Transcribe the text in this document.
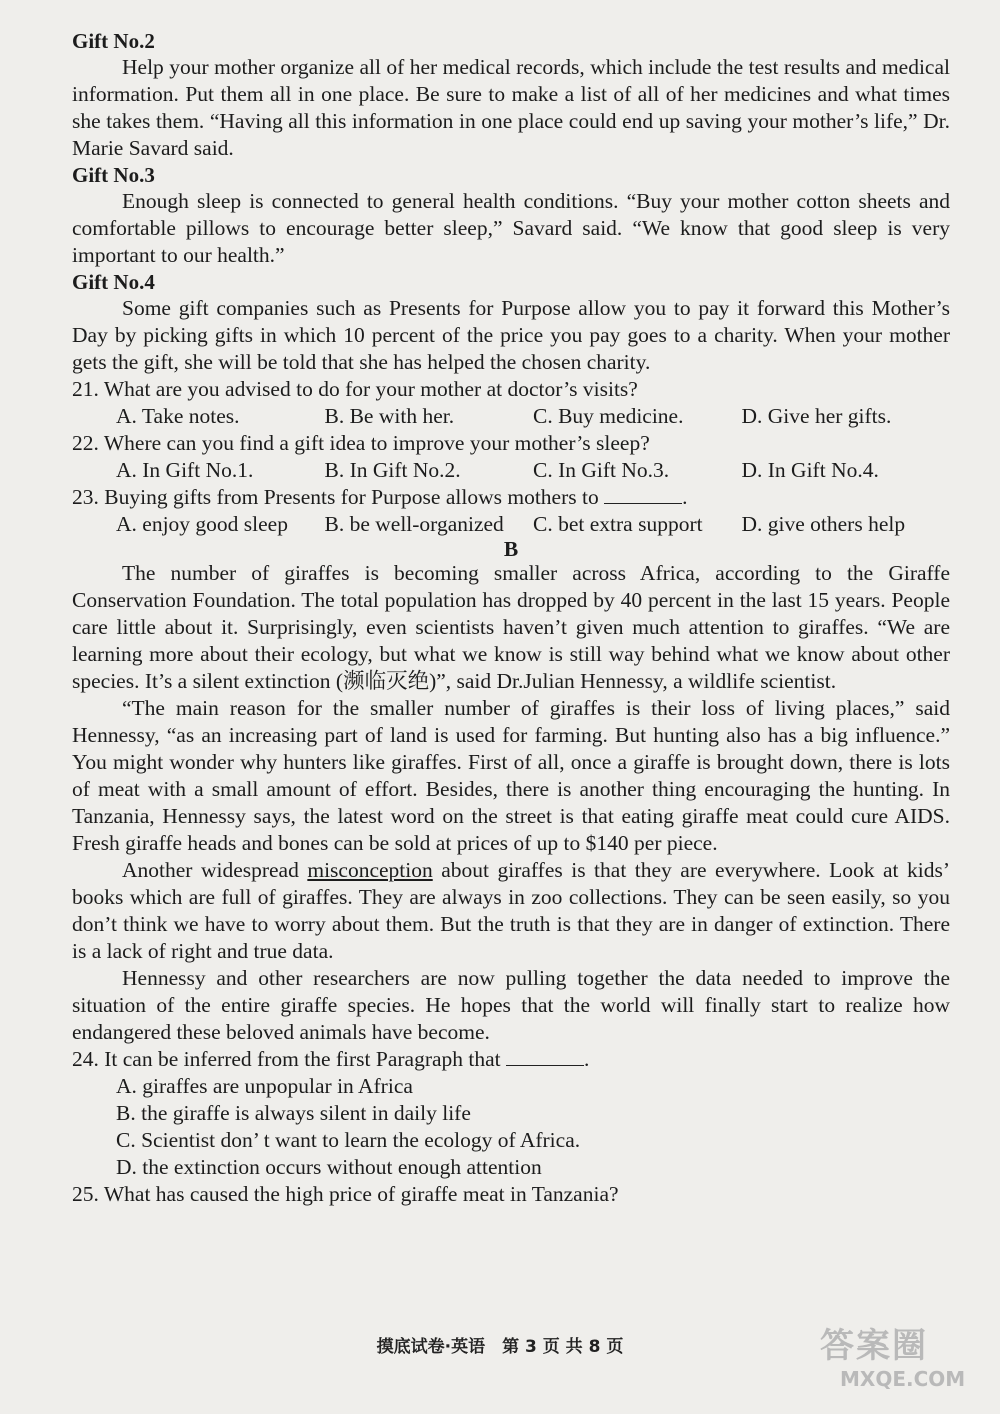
Gift No.2

Help your mother organize all of her medical records, which include the test results and medical information. Put them all in one place. Be sure to make a list of all of her medicines and what times she takes them. “Having all this information in one place could end up saving your mother’s life,” Dr. Marie Savard said.

Gift No.3

Enough sleep is connected to general health conditions. “Buy your mother cotton sheets and comfortable pillows to encourage better sleep,” Savard said. “We know that good sleep is very important to our health.”

Gift No.4

Some gift companies such as Presents for Purpose allow you to pay it forward this Mother’s Day by picking gifts in which 10 percent of the price you pay goes to a charity. When your mother gets the gift, she will be told that she has helped the chosen charity.

21. What are you advised to do for your mother at doctor’s visits?

A. Take notes.	B. Be with her.	C. Buy medicine.	D. Give her gifts.

22. Where can you find a gift idea to improve your mother’s sleep?

A. In Gift No.1.	B. In Gift No.2.	C. In Gift No.3.	D. In Gift No.4.

23. Buying gifts from Presents for Purpose allows mothers to	.

A. enjoy good sleep	B. be well-organized	C. bet extra support	D. give others help

B

The number of giraffes is becoming smaller across Africa, according to the Giraffe Conservation Foundation. The total population has dropped by 40 percent in the last 15 years. People care little about it. Surprisingly, even scientists haven’t given much attention to giraffes. “We are learning more about their ecology, but what we know is still way behind what we know about other species. It’s a silent extinction (濒临灭绝)”, said Dr.Julian Hennessy, a wildlife scientist.

“The main reason for the smaller number of giraffes is their loss of living places,” said Hennessy, “as an increasing part of land is used for farming. But hunting also has a big influence.” You might wonder why hunters like giraffes. First of all, once a giraffe is brought down, there is lots of meat with a small amount of effort. Besides, there is another thing encouraging the hunting. In Tanzania, Hennessy says, the latest word on the street is that eating giraffe meat could cure AIDS. Fresh giraffe heads and bones can be sold at prices of up to $140 per piece.

Another widespread misconception about giraffes is that they are everywhere. Look at kids’ books which are full of giraffes. They are always in zoo collections. They can be seen easily, so you don’t think we have to worry about them. But the truth is that they are in danger of extinction. There is a lack of right and true data.

Hennessy and other researchers are now pulling together the data needed to improve the situation of the entire giraffe species. He hopes that the world will finally start to realize how endangered these beloved animals have become.

24. It can be inferred from the first Paragraph that	.

A. giraffes are unpopular in Africa
B. the giraffe is always silent in daily life
C. Scientist don’ t want to learn the ecology of Africa.
D. the extinction occurs without enough attention

25. What has caused the high price of giraffe meat in Tanzania?

摸底试卷·英语　第 3 页 共 8 页	答案圈
MXQE.COM
